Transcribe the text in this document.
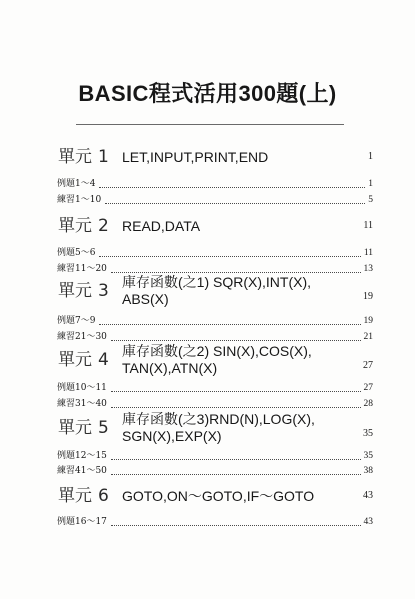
BASIC程式活用300題(上)
單元 1 LET,INPUT,PRINT,END	1
例題1～4	1
練習1～10	5
單元 2 READ,DATA	11
例題5～6	11
練習11～20	13
單元 3 庫存函數(之1) SQR(X),INT(X),
ABS(X)	19
例題7～9	19
練習21～30	21
單元 4 庫存函數(之2) SIN(X),COS(X),
TAN(X),ATN(X)	27
例題10～11	27
練習31～40	28
單元 5 庫存函數(之3)RND(N),LOG(X),
SGN(X),EXP(X)	35
例題12～15	35
練習41～50	38
單元 6 GOTO,ON～GOTO,IF～GOTO	43
例題16～17	43
